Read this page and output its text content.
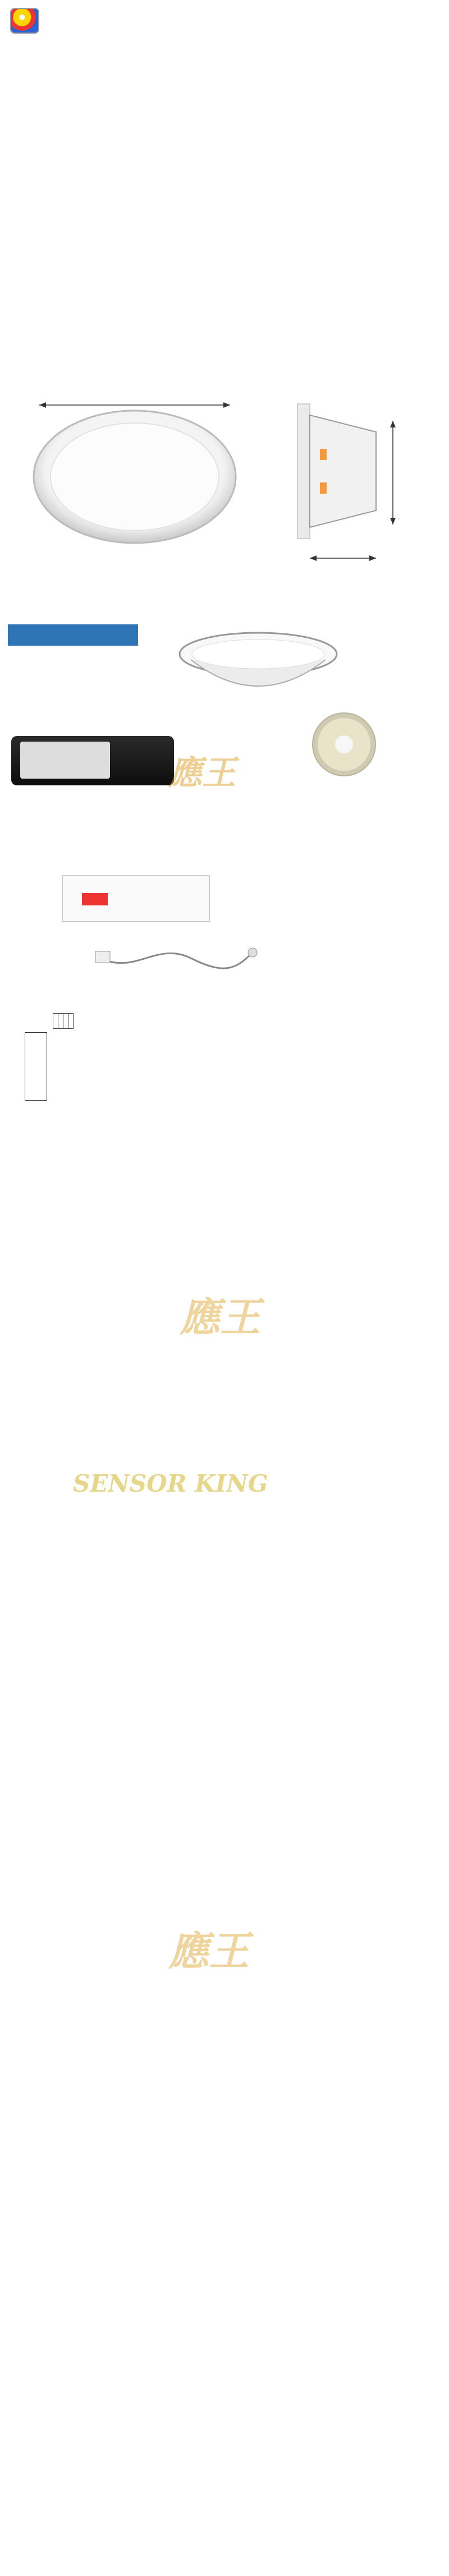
應王

應王
SENSOR KING
應王
